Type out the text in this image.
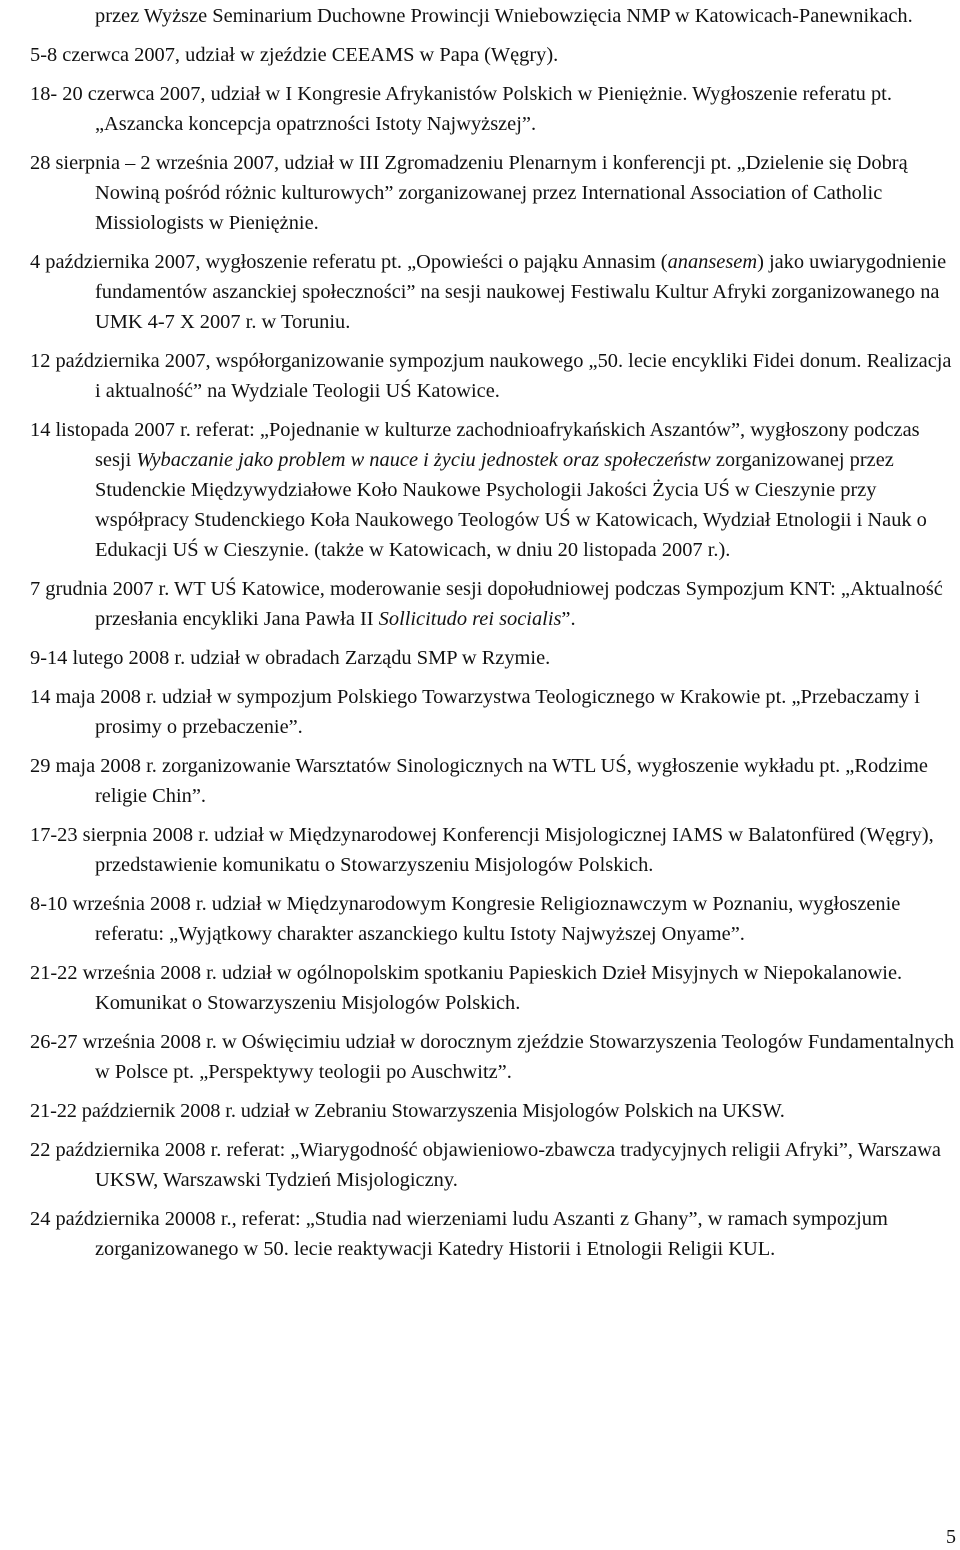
przez Wyższe Seminarium Duchowne Prowincji Wniebowzięcia NMP w Katowicach-Panewnikach.
5-8 czerwca 2007, udział w zjeździe CEEAMS w Papa (Węgry).
18- 20 czerwca 2007, udział w I Kongresie Afrykanistów Polskich w Pieniężnie. Wygłoszenie referatu pt. „Aszancka koncepcja opatrzności Istoty Najwyższej”.
28 sierpnia – 2 września 2007, udział w III Zgromadzeniu Plenarnym i konferencji pt. „Dzielenie się Dobrą Nowiną pośród różnic kulturowych” zorganizowanej przez International Association of Catholic Missiologists w Pieniężnie.
4 października 2007, wygłoszenie referatu pt. „Opowieści o pająku Annasim (anansesem) jako uwiarygodnienie fundamentów aszanckiej społeczności” na sesji naukowej Festiwalu Kultur Afryki zorganizowanego na UMK 4-7 X 2007 r. w Toruniu.
12 października 2007, współorganizowanie sympozjum naukowego „50. lecie encykliki Fidei donum. Realizacja i aktualność” na Wydziale Teologii UŚ Katowice.
14 listopada 2007 r. referat: „Pojednanie w kulturze zachodnioafrykańskich Aszantów”, wygłoszony podczas sesji Wybaczanie jako problem w nauce i życiu jednostek oraz społeczeństw zorganizowanej przez Studenckie Międzywydziałowe Koło Naukowe Psychologii Jakości Życia UŚ w Cieszynie przy współpracy Studenckiego Koła Naukowego Teologów UŚ w Katowicach, Wydział Etnologii i Nauk o Edukacji UŚ w Cieszynie. (także w Katowicach, w dniu 20 listopada 2007 r.).
7 grudnia 2007 r. WT UŚ Katowice, moderowanie sesji dopołudniowej podczas Sympozjum KNT: „Aktualność przesłania encykliki Jana Pawła II Sollicitudo rei socialis”.
9-14 lutego 2008 r. udział w obradach Zarządu SMP w Rzymie.
14 maja 2008 r. udział w sympozjum Polskiego Towarzystwa Teologicznego w Krakowie pt. „Przebaczamy i prosimy o przebaczenie”.
29 maja 2008 r. zorganizowanie Warsztatów Sinologicznych na WTL UŚ, wygłoszenie wykładu pt. „Rodzime religie Chin”.
17-23 sierpnia 2008 r. udział w Międzynarodowej Konferencji Misjologicznej IAMS w Balatonfüred (Węgry), przedstawienie komunikatu o Stowarzyszeniu Misjologów Polskich.
8-10 września 2008 r. udział w Międzynarodowym Kongresie Religioznawczym w Poznaniu, wygłoszenie referatu: „Wyjątkowy charakter aszanckiego kultu Istoty Najwyższej Onyame”.
21-22 września 2008 r. udział w ogólnopolskim spotkaniu Papieskich Dzieł Misyjnych w Niepokalanowie. Komunikat o Stowarzyszeniu Misjologów Polskich.
26-27 września 2008 r. w Oświęcimiu udział w dorocznym zjeździe Stowarzyszenia Teologów Fundamentalnych w Polsce pt. „Perspektywy teologii po Auschwitz”.
21-22 październik 2008 r. udział w Zebraniu Stowarzyszenia Misjologów Polskich na UKSW.
22 października 2008 r. referat: „Wiarygodność objawieniowo-zbawcza tradycyjnych religii Afryki”, Warszawa UKSW, Warszawski Tydzień Misjologiczny.
24 października 20008 r., referat: „Studia nad wierzeniami ludu Aszanti z Ghany”, w ramach sympozjum zorganizowanego w 50. lecie reaktywacji Katedry Historii i Etnologii Religii KUL.
5
